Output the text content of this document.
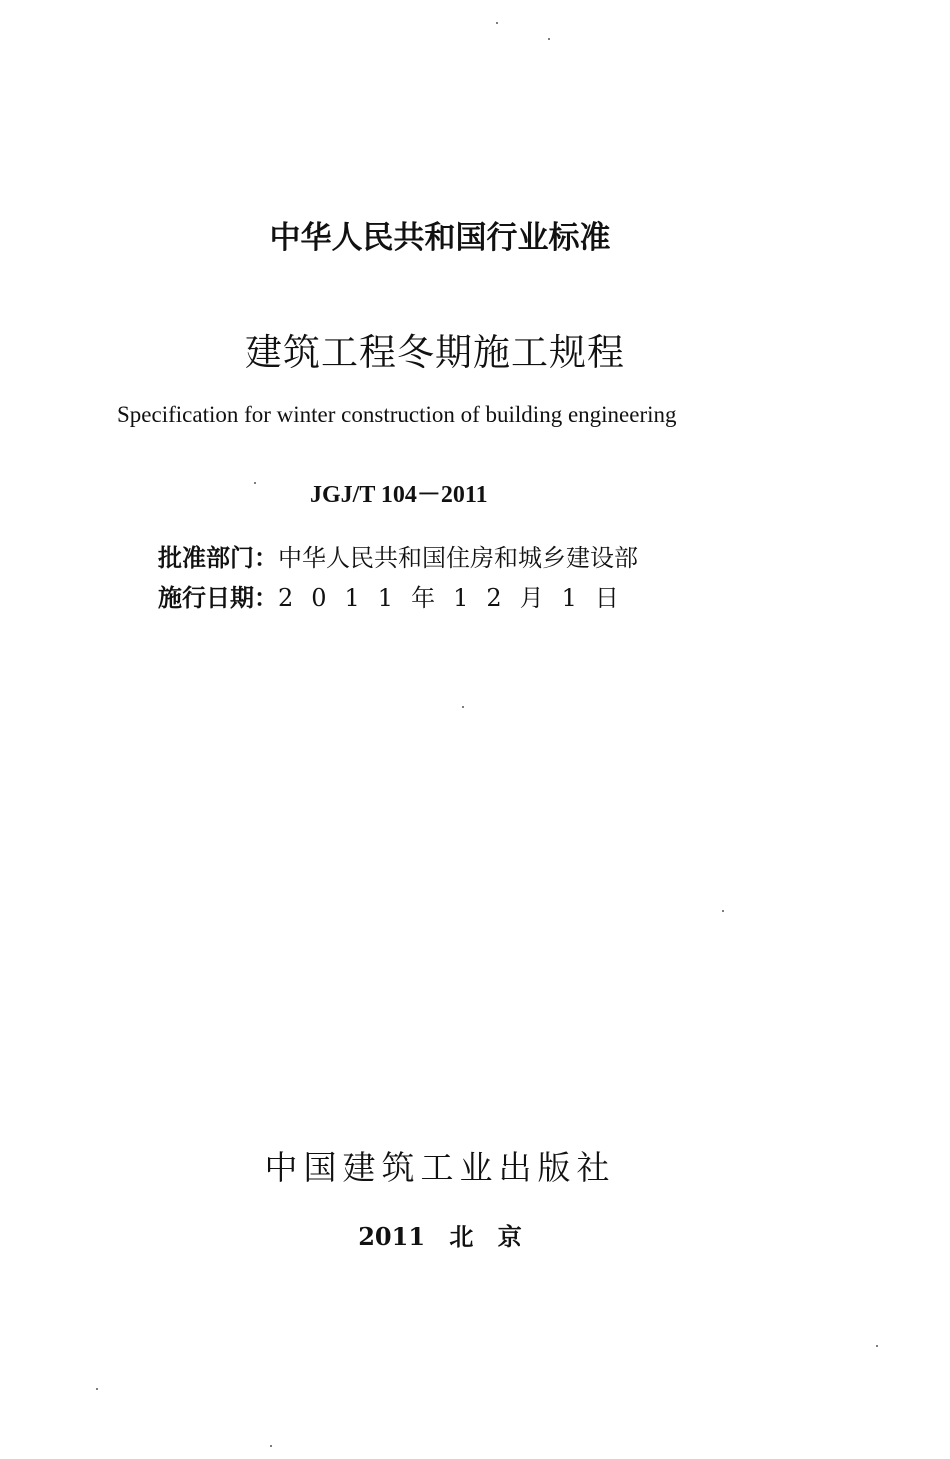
中华人民共和国行业标准
建筑工程冬期施工规程
Specification for winter construction of building engineering
JGJ/T 104－2011
批准部门： 中华人民共和国住房和城乡建设部
施行日期： 2011年12月1日
中国建筑工业出版社
2011 北 京
